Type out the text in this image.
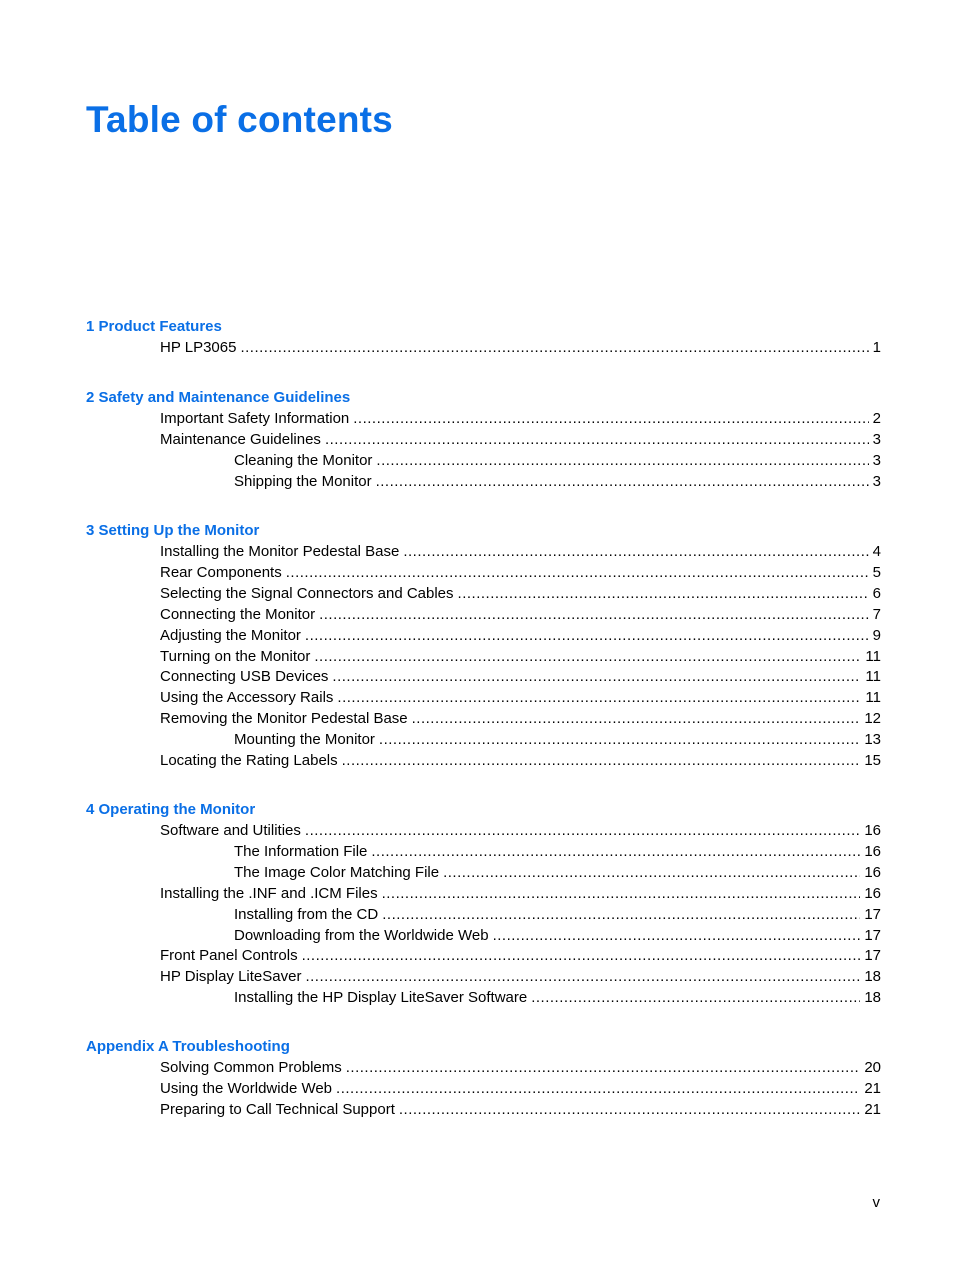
Table of contents
1 Product Features
HP LP3065 .....	1
2 Safety and Maintenance Guidelines
Important Safety Information .....	2
Maintenance Guidelines .....	3
Cleaning the Monitor .....	3
Shipping the Monitor .....	3
3 Setting Up the Monitor
Installing the Monitor Pedestal Base .....	4
Rear Components .....	5
Selecting the Signal Connectors and Cables .....	6
Connecting the Monitor .....	7
Adjusting the Monitor .....	9
Turning on the Monitor .....	11
Connecting USB Devices .....	11
Using the Accessory Rails .....	11
Removing the Monitor Pedestal Base .....	12
Mounting the Monitor .....	13
Locating the Rating Labels .....	15
4 Operating the Monitor
Software and Utilities .....	16
The Information File .....	16
The Image Color Matching File .....	16
Installing the .INF and .ICM Files .....	16
Installing from the CD .....	17
Downloading from the Worldwide Web .....	17
Front Panel Controls .....	17
HP Display LiteSaver .....	18
Installing the HP Display LiteSaver Software .....	18
Appendix A Troubleshooting
Solving Common Problems .....	20
Using the Worldwide Web .....	21
Preparing to Call Technical Support .....	21
v
